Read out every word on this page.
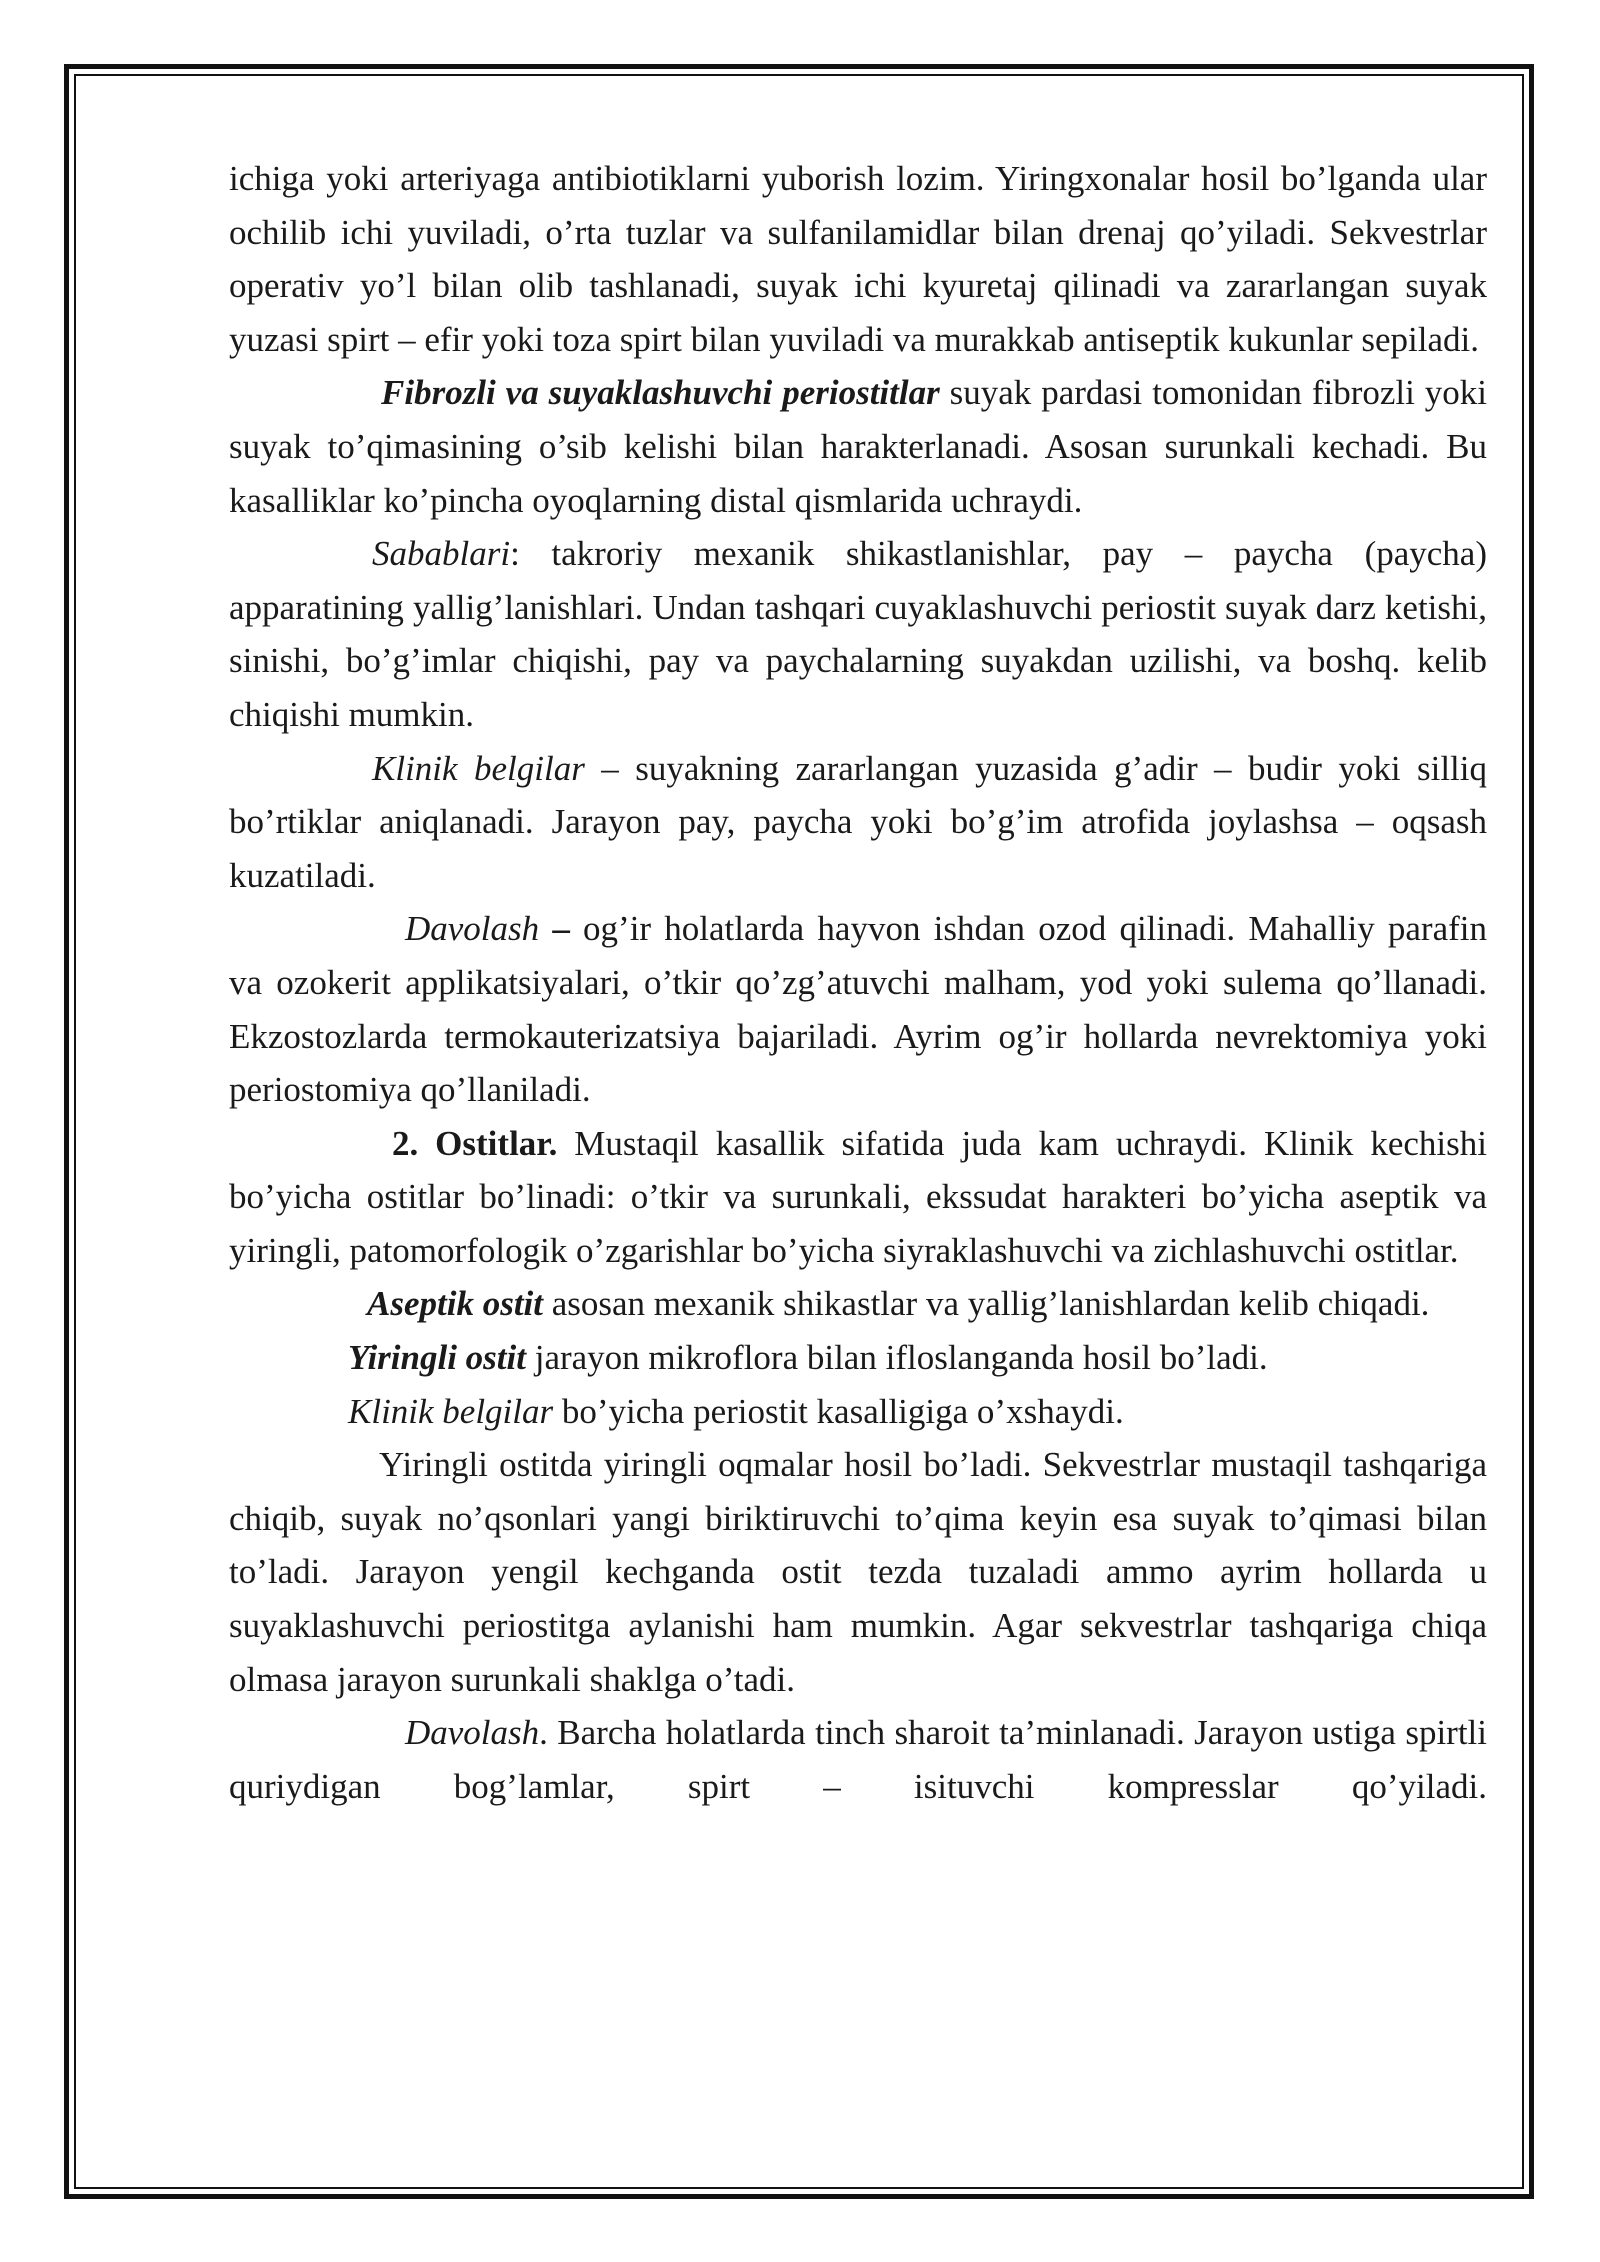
ichiga yoki arteriyaga antibiotiklarni yuborish lozim. Yiringxonalar hosil bo’lganda ular ochilib ichi yuviladi, o’rta tuzlar va sulfanilamidlar bilan drenaj qo’yiladi. Sekvestrlar operativ yo’l bilan olib tashlanadi, suyak ichi kyuretaj qilinadi va zararlangan suyak yuzasi spirt – efir yoki toza spirt bilan yuviladi va murakkab antiseptik kukunlar sepiladi.

Fibrozli va suyaklashuvchi periostitlar suyak pardasi tomonidan fibrozli yoki suyak to’qimasining o’sib kelishi bilan harakterlanadi. Asosan surunkali kechadi. Bu kasalliklar ko’pincha oyoqlarning distal qismlarida uchraydi.

Sabablari: takroriy mexanik shikastlanishlar, pay – paycha (paycha) apparatining yallig’lanishlari. Undan tashqari cuyaklashuvchi periostit suyak darz ketishi, sinishi, bo’g’imlar chiqishi, pay va paychalarning suyakdan uzilishi, va boshq. kelib chiqishi mumkin.

Klinik belgilar – suyakning zararlangan yuzasida g’adir – budir yoki silliq bo’rtiklar aniqlanadi. Jarayon pay, paycha yoki bo’g’im atrofida joylashsa – oqsash kuzatiladi.

Davolash – og’ir holatlarda hayvon ishdan ozod qilinadi. Mahalliy parafin va ozokerit applikatsiyalari, o’tkir qo’zg’atuvchi malham, yod yoki sulema qo’llanadi. Ekzostozlarda termokauterizatsiya bajariladi. Ayrim og’ir hollarda nevrektomiya yoki periostomiya qo’llaniladi.

2. Ostitlar. Mustaqil kasallik sifatida juda kam uchraydi. Klinik kechishi bo’yicha ostitlar bo’linadi: o’tkir va surunkali, ekssudat harakteri bo’yicha aseptik va yiringli, patomorfologik o’zgarishlar bo’yicha siyraklashuvchi va zichlashuvchi ostitlar.

Aseptik ostit asosan mexanik shikastlar va yallig’lanishlardan kelib chiqadi.

Yiringli ostit jarayon mikroflora bilan ifloslanganda hosil bo’ladi.

Klinik belgilar bo’yicha periostit kasalligiga o’xshaydi.

Yiringli ostitda yiringli oqmalar hosil bo’ladi. Sekvestrlar mustaqil tashqariga chiqib, suyak no’qsonlari yangi biriktiruvchi to’qima keyin esa suyak to’qimasi bilan to’ladi. Jarayon yengil kechganda ostit tezda tuzaladi ammo ayrim hollarda u suyaklashuvchi periostitga aylanishi ham mumkin. Agar sekvestrlar tashqariga chiqa olmasa jarayon surunkali shaklga o’tadi.

Davolash. Barcha holatlarda tinch sharoit ta’minlanadi. Jarayon ustiga spirtli quriydigan bog’lamlar, spirt – isituvchi kompresslar qo’yiladi.
